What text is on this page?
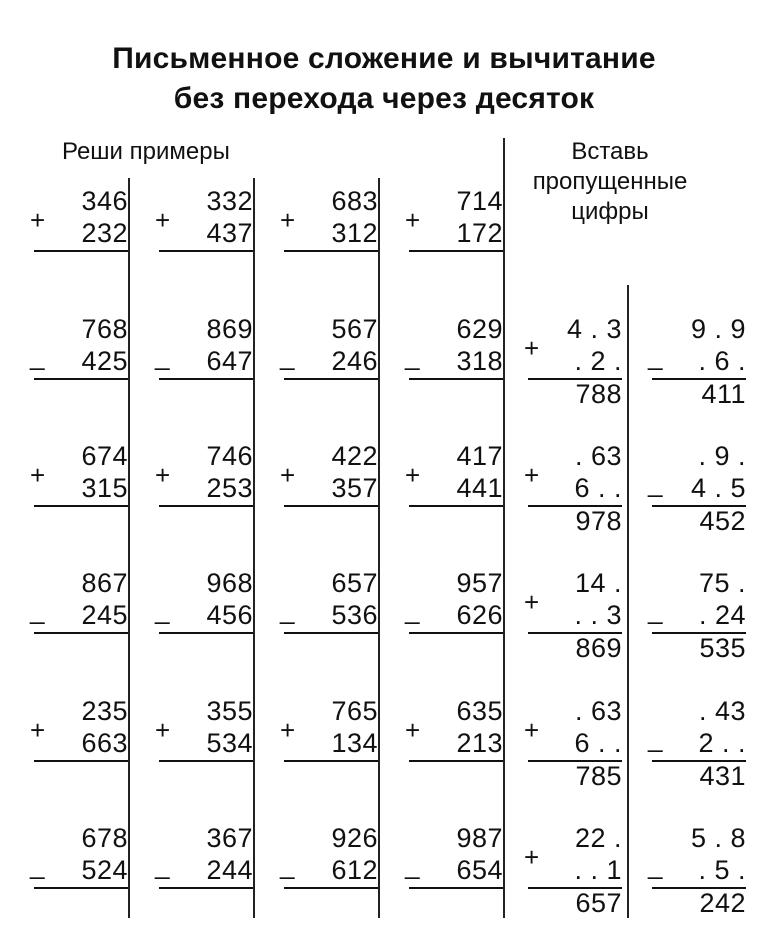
Письменное сложение и вычитание
без перехода через десяток
Реши примеры	Вставь
пропущенные
цифры
+
346
232
_
768
425
+
674
315
_
867
245
+
235
663
_
678
524
+
332
437
_
869
647
+
746
253
_
968
456
+
355
534
_
367
244
+
683
312
_
567
246
+
422
357
_
657
536
+
765
134
_
926
612
+
714
172
_
629
318
+
417
441
_
957
626
+
635
213
_
987
654
+
4 . 3
. 2 .
788
+
. 63
6 . .
978
+
14 .
. . 3
869
+
. 63
6 . .
785
+
22 .
. . 1
657
_
9 . 9
. 6 .
411
_
. 9 .
4 . 5
452
_
75 .
. 24
535
_
. 43
2 . .
431
_
5 . 8
. 5 .
242
